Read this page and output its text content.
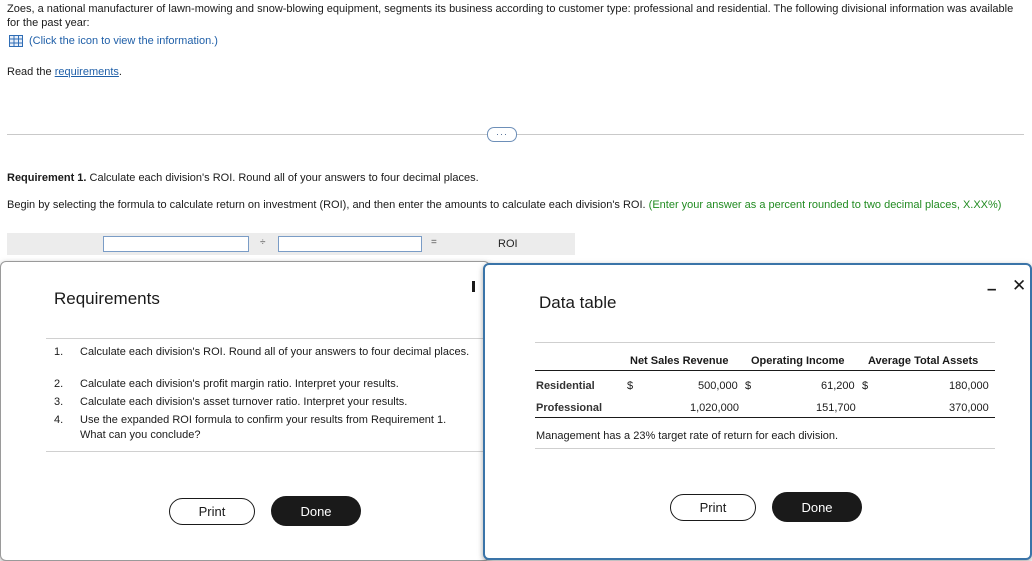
Zoes, a national manufacturer of lawn-mowing and snow-blowing equipment, segments its business according to customer type: professional and residential. The following divisional information was available for the past year:
(Click the icon to view the information.)
Read the requirements.
···
Requirement 1. Calculate each division's ROI. Round all of your answers to four decimal places.
Begin by selecting the formula to calculate return on investment (ROI), and then enter the amounts to calculate each division's ROI. (Enter your answer as a percent rounded to two decimal places, X.XX%)
÷	=	ROI
Requirements
1.	Calculate each division's ROI. Round all of your answers to four decimal places.
2.	Calculate each division's profit margin ratio. Interpret your results.
3.	Calculate each division's asset turnover ratio. Interpret your results.
4.	Use the expanded ROI formula to confirm your results from Requirement 1. What can you conclude?
Print	Done
Data table
– ✕
Net Sales Revenue Operating Income Average Total Assets
Residential	$	500,000 $	61,200 $	180,000
Professional	1,020,000	151,700	370,000
Management has a 23% target rate of return for each division.
Print	Done
